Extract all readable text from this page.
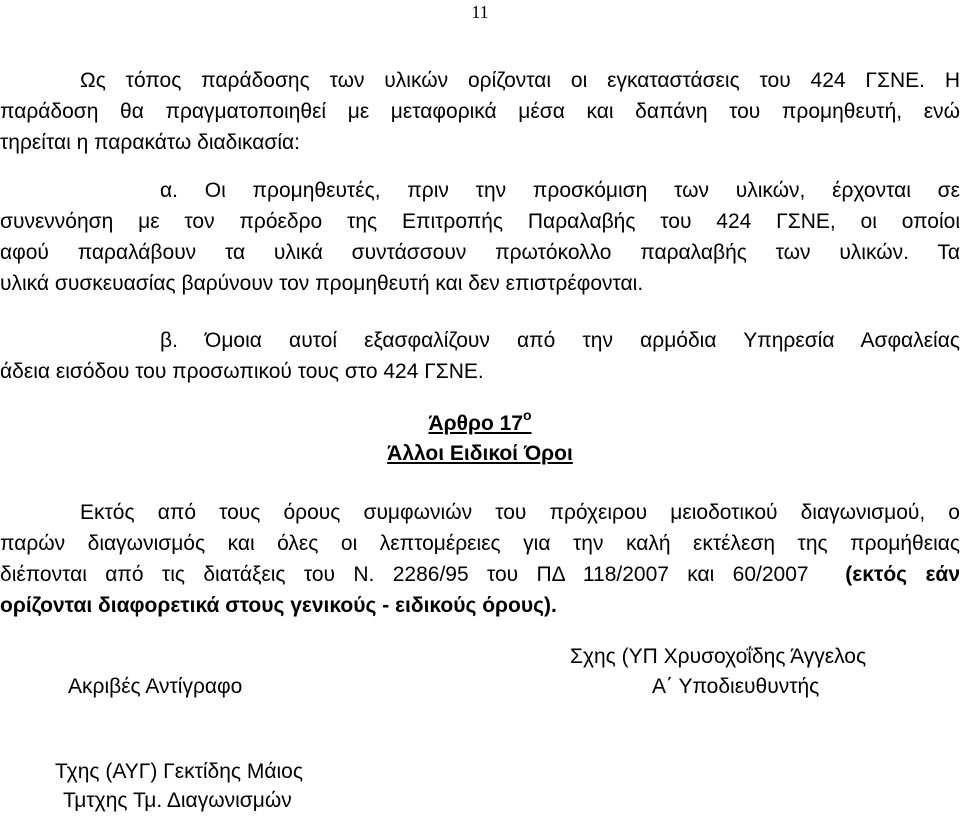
11
Ως τόπος παράδοσης των υλικών ορίζονται οι εγκαταστάσεις του 424 ΓΣΝΕ. Η
παράδοση θα πραγματοποιηθεί με μεταφορικά μέσα και δαπάνη του προμηθευτή, ενώ
τηρείται η παρακάτω διαδικασία:
α. Οι προμηθευτές, πριν την προσκόμιση των υλικών, έρχονται σε
συνεννόηση με τον πρόεδρο της Επιτροπής Παραλαβής του 424 ΓΣΝΕ, οι οποίοι
αφού παραλάβουν τα υλικά συντάσσουν πρωτόκολλο παραλαβής των υλικών. Τα
υλικά συσκευασίας βαρύνουν τον προμηθευτή και δεν επιστρέφονται.
β. Όμοια αυτοί εξασφαλίζουν από την αρμόδια Υπηρεσία Ασφαλείας
άδεια εισόδου του προσωπικού τους στο 424 ΓΣΝΕ.
Άρθρο $17^o$
Άλλοι Ειδικοί Όροι
Εκτός από τους όρους συμφωνιών του πρόχειρου μειοδοτικού διαγωνισμού, ο
παρών διαγωνισμός και όλες οι λεπτομέρειες για την καλή εκτέλεση της προμήθειας
διέπονται από τις διατάξεις του Ν. 2286/95 του ΠΔ 118/2007 και 60/2007 (εκτός εάν
ορίζονται διαφορετικά στους γενικούς - ειδικούς όρους).
Σχης (ΥΠ Χρυσοχοΐδης Άγγελος
Ακριβές Αντίγραφο	Α΄ Υποδιευθυντής
Τχης (ΑΥΓ) Γεκτίδης Μάιος
Τμτχης Τμ. Διαγωνισμών
